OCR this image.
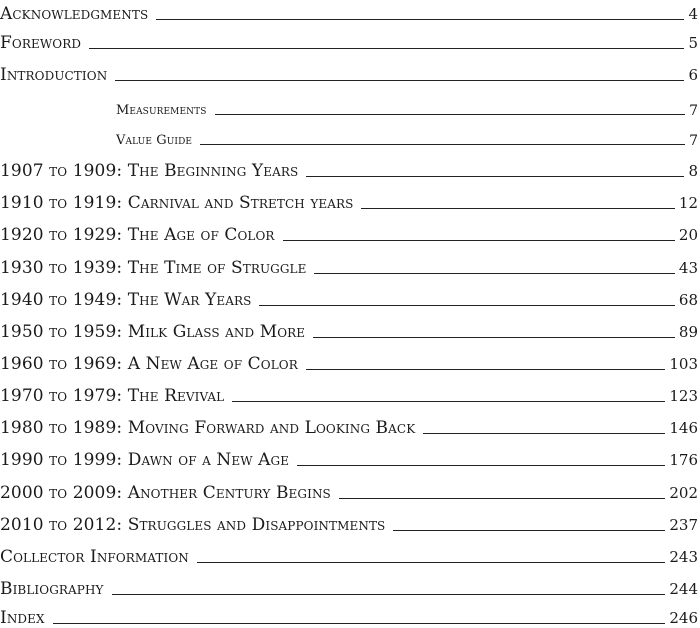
Acknowledgments	4
Foreword	5
Introduction	6
Measurements	7
Value Guide	7
1907 to 1909: The Beginning Years	8
1910 to 1919: Carnival and Stretch years	12
1920 to 1929: The Age of Color	20
1930 to 1939: The Time of Struggle	43
1940 to 1949: The War Years	68
1950 to 1959: Milk Glass and More	89
1960 to 1969: A New Age of Color	103
1970 to 1979: The Revival	123
1980 to 1989: Moving Forward and Looking Back	146
1990 to 1999: Dawn of a New Age	176
2000 to 2009: Another Century Begins	202
2010 to 2012: Struggles and Disappointments	237
Collector Information	243
Bibliography	244
Index	246
